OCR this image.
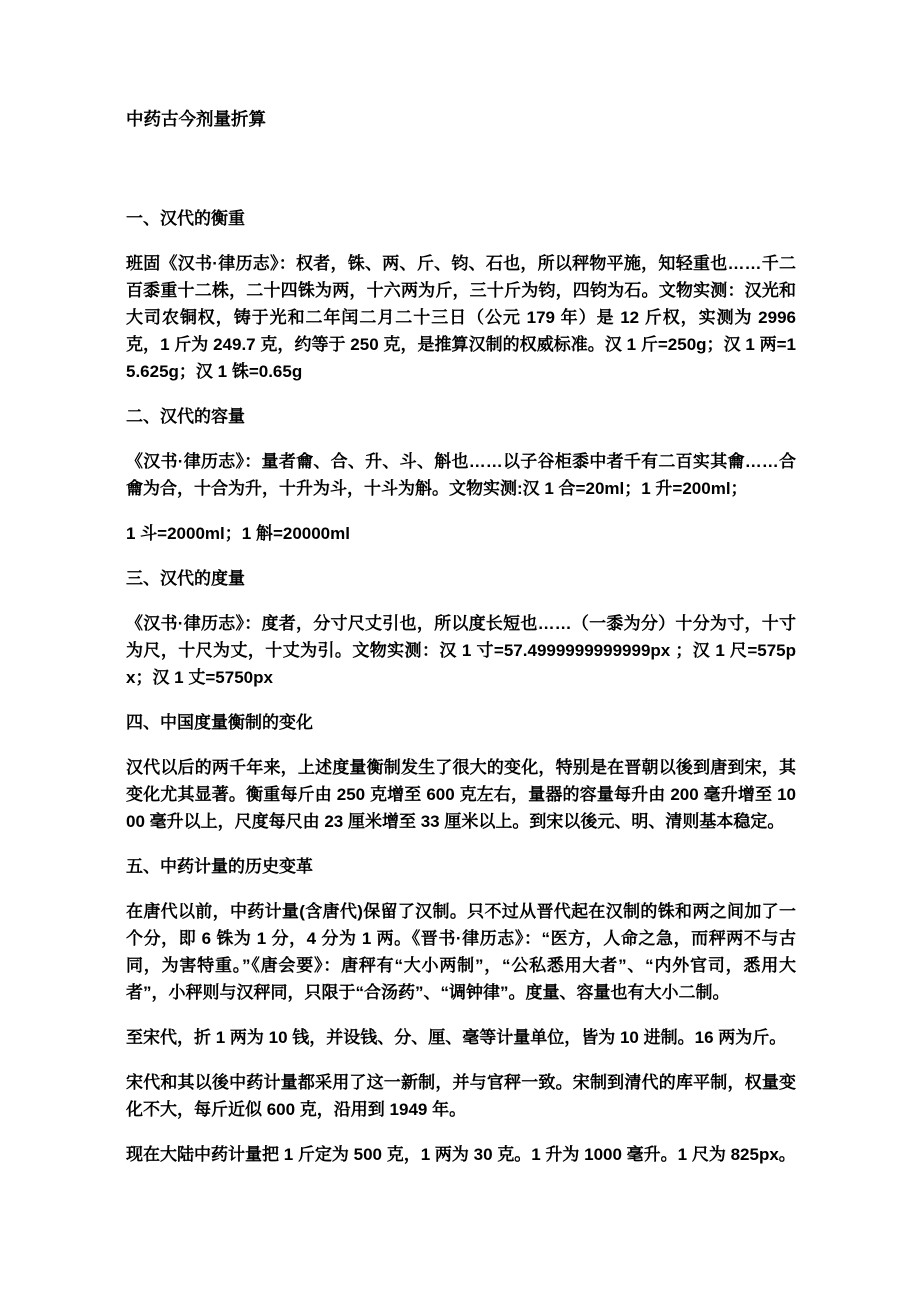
中药古今剂量折算
一、汉代的衡重

班固《汉书·律历志》：权者，铢、两、斤、钧、石也，所以秤物平施，知轻重也……千二百黍重十二株，二十四铢为两，十六两为斤，三十斤为钧，四钧为石。文物实测：汉光和大司农铜权，铸于光和二年闰二月二十三日（公元 179 年）是 12 斤权，实测为 2996 克，1 斤为 249.7 克，约等于 250 克，是推算汉制的权威标准。汉 1 斤=250g；汉 1 两=15.625g；汉 1 铢=0.65g

二、汉代的容量

《汉书·律历志》：量者龠、合、升、斗、斛也……以子谷柜黍中者千有二百实其龠……合龠为合，十合为升，十升为斗，十斗为斛。文物实测:汉 1 合=20ml；1 升=200ml；

1 斗=2000ml；1 斛=20000ml

三、汉代的度量

《汉书·律历志》：度者，分寸尺丈引也，所以度长短也……（一黍为分）十分为寸，十寸为尺，十尺为丈，十丈为引。文物实测：汉 1 寸=57.4999999999999px ；汉 1 尺=575px；汉 1 丈=5750px

四、中国度量衡制的变化

汉代以后的两千年来，上述度量衡制发生了很大的变化，特别是在晋朝以後到唐到宋，其变化尤其显著。衡重每斤由 250 克增至 600 克左右，量器的容量每升由 200 毫升增至 1000 毫升以上，尺度每尺由 23 厘米增至 33 厘米以上。到宋以後元、明、清则基本稳定。

五、中药计量的历史变革

在唐代以前，中药计量(含唐代)保留了汉制。只不过从晋代起在汉制的铢和两之间加了一个分，即 6 铢为 1 分，4 分为 1 两。《晋书·律历志》：“医方，人命之急，而秤两不与古同，为害特重。”《唐会要》：唐秤有“大小两制”，“公私悉用大者”、“内外官司，悉用大者”，小秤则与汉秤同，只限于“合汤药”、“调钟律”。度量、容量也有大小二制。

至宋代，折 1 两为 10 钱，并设钱、分、厘、毫等计量单位，皆为 10 进制。16 两为斤。

宋代和其以後中药计量都采用了这一新制，并与官秤一致。宋制到清代的库平制，权量变化不大，每斤近似 600 克，沿用到 1949 年。

现在大陆中药计量把 1 斤定为 500 克，1 两为 30 克。1 升为 1000 毫升。1 尺为 825px。
